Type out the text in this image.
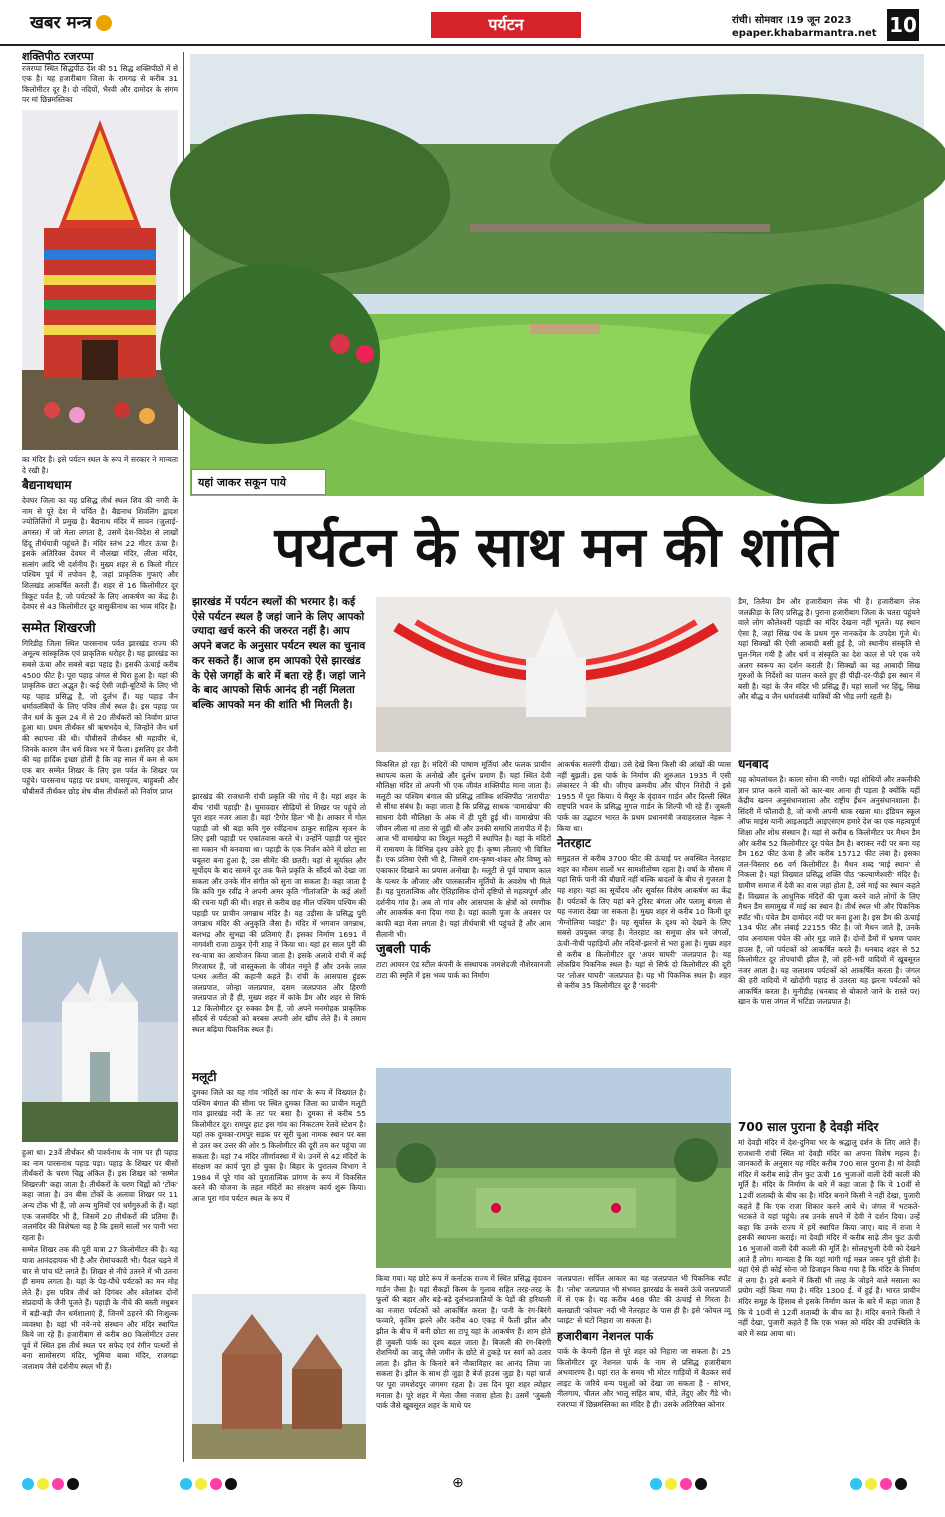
खबर मन्त्र	पर्यटन	रांची। सोमवार ।19 जून 2023
epaper.khabarmantra.net 10
शक्तिपीठ रजरप्पा

रजरप्पा स्थित सिद्धपीठ देश की 51 सिद्ध शक्तिपीठों में से एक है। यह हजारीबाग जिला के रामगढ़ से करीब 31 किलोमीटर दूर है। दो नदियों, भैरवी और दामोदर के संगम पर मां छिन्नमस्तिका

का मंदिर है। इसे पर्यटन स्थल के रूप में सरकार ने मान्यता दे रखी है।

बैद्यनाथधाम

देवघर जिला का यह प्रसिद्ध तीर्थ स्थल शिव की नगरी के नाम से पूरे देश में चर्चित है। बैद्यनाथ शिवलिंग द्वादश ज्योतिलिंगों में प्रमुख है। बैद्यनाथ मंदिर में सावन (जुलाई-अगस्त) में जो मेला लगता है, उसमें देश-विदेश से लाखों हिंदू तीर्थयात्री पहुंचते हैं। मंदिर स्तंभ 22 मीटर ऊंचा है। इसके अतिरिक्त देवघर में नौलखा मंदिर, लीला मंदिर, सत्संग आदि भी दर्शनीय हैं। मुख्य शहर से 6 किलो मीटर पश्चिम पूर्व में तपोवन है, जहां प्राकृतिक गुफाएं और शिलखंड आकर्षित करती हैं। शहर से 16 किलोमीटर दूर त्रिकूट पर्वत है, जो पर्यटकों के लिए आकर्षण का केंद्र है। देवघर से 43 किलोमीटर दूर बासुकीनाथ का भव्य मंदिर है।

सम्मेत शिखरजी

गिरिडीह जिला स्थित पारसनाथ पर्वत झारखंड राज्य की अमूल्य सांस्कृतिक एवं प्राकृतिक धरोहर है। यह झारखंड का सबसे ऊंचा और सबसे बड़ा पहाड़ है। इसकी ऊंचाई करीब 4500 फीट है। पूरा पहाड़ जंगल से घिरा हुआ है। यहां की प्राकृतिक छटा अद्भुत है। कई ऐसी जड़ी-बूटियों के लिए भी यह पहाड़ प्रसिद्ध है, जो दुर्लभ हैं। यह पहाड़ जैन धर्मावलंबियों के लिए पवित्र तीर्थ स्थल है। इस पहाड़ पर जैन धर्म के कुल 24 में से 20 तीर्थंकरों को निर्वाण प्राप्त हुआ था। प्रथम तीर्थंकर श्री ऋषभदेव थे, जिन्होंने जैन धर्म की स्थापना की थी। चौबीसवें तीर्थंकर श्री महावीर थे, जिनके कारण जैन धर्म विश्व भर में फैला। इसलिए हर जैनी की यह हार्दिक इच्छा होती है कि वह साल में कम से कम एक बार सम्मेत शिखर के लिए इस पर्वत के शिखर पर पहुंचे। पारसनाथ पहाड़ पर प्रथम, वासपूज्य, बाहुबली और चौबीसवें तीर्थंकर छोड़ शेष बीस तीर्थंकरों को निर्वाण प्राप्त

हुआ था। 23वें तीर्थंकर श्री पार्श्वनाथ के नाम पर ही पहाड़ का नाम पारसनाथ पहाड़ पड़ा। पहाड़ के शिखर पर बीसों तीर्थंकरों के चरण चिह्न अंकित हैं। इस शिखर को 'सम्मेत शिखरजी' कहा जाता है। तीर्थंकरों के चरण चिह्नों को 'टोंक' कहा जाता है। उन बीस टोंकों के अलावा शिखर पर 11 अन्य टोंक भी हैं, जो अन्य मुनियों एवं धर्मगुरुओं के हैं। यहां एक जलमंदिर भी है, जिसमें 20 तीर्थंकरों की प्रतिमा हैं। जलमंदिर की विशेषता यह है कि इसमें सालों भर पानी भरा रहता है।

सम्मेत शिखर तक की पूरी यात्रा 27 किलोमीटर की है। यह यात्रा आनंददायक भी है और रोमांचकारी भी। पैदल चढ़ने में चार से पांच घंटे लगते हैं। शिखर से नीचे उतरने में भी उतना ही समय लगता है। यहां के पेड़-पौधे पर्यटकों का मन मोह लेते हैं। इस पवित्र तीर्थ को दिगंबर और श्वेतांबर दोनों संप्रदायों के जैनी पूजते हैं। पहाड़ी के नीचे की बस्ती मधुबन में बड़ी-बड़ी जैन धर्मशालाएं हैं, जिनमें ठहरने की निःशुल्क व्यवस्था है। यहां भी नये-नये संस्थान और मंदिर स्थापित किये जा रहे हैं। हजारीबाग से करीब 80 किलोमीटर उत्तर पूर्व में स्थित इस तीर्थ स्थल पर सफेद एवं रंगीन पत्थरों से बना सामोसरण मंदिर, भूमिया बाबा मंदिर, राजगढ़ा जलाशय जैसे दर्शनीय स्थल भी हैं।

यहां जाकर सकून पाये
पर्यटन के साथ मन की शांति
झारखंड में पर्यटन स्थलों की भरमार है। कई ऐसे पर्यटन स्थल है जहां जाने के लिए आपको ज्यादा खर्च करने की जरुरत नहीं है। आप अपने बजट के अनुसार पर्यटन स्थल का चुनाव कर सकते हैं। आज हम आपको ऐसे झारखंड के ऐसे जगहों के बारे में बता रहे हैं। जहां जाने के बाद आपको सिर्फ आनंद ही नहीं मिलता बल्कि आपको मन की शांति भी मिलती है।

झारखंड की राजधानी रांची प्रकृति की गोद में है। यहां शहर के बीच 'रांची पहाड़ी' है। घुमावदार सीढ़ियों से शिखर पर पहुंचे तो पूरा शहर नजर आता है। यहां 'टैगोर हिल' भी है। आकार में गोल पहाड़ी जो श्री बड़ा कवि गुरु रवींद्रनाथ ठाकुर साहित्य सृजन के लिए इसी पहाड़ी पर एकांतवास करते थे। उन्होंने पहाड़ी पर सुंदर सा मकान भी बनवाया था। पहाड़ी के एक निर्जन कोने में छोटा सा चबूतरा बना हुआ है, उस सीमेंट की छतरी। यहां से सूर्यास्त और सूर्योदय के बाद सामने दूर तक फैले प्रकृति के सौंदर्य को देखा जा सकता और उनके मीन संगीत को सुना जा सकता है। कहा जाता है कि कवि गुरु रवींद्र ने अपनी अमर कृति 'गीतांजलि' के कई अंशों की रचना यहीं की थी। शहर से करीब छह मील पश्चिम पश्चिम की पहाड़ी पर प्राचीन जगन्नाथ मंदिर है। यह उड़ीसा के प्रसिद्ध पुरी जगन्नाथ मंदिर की अनुकृति जैसा है। मंदिर में भगवान जगन्नाथ, बलभद्र और सुभद्रा की प्रतिमाएं हैं। इसका निर्माण 1691 में नागवंशी राजा ठाकुर ऐनी शाह ने किया था। यहां हर साल पुरी की रथ-यात्रा का आयोजन किया जाता है। इसके अलावे रांची में कई गिरजाघर हैं, जो वास्तुकला के जीवंत नमूने हैं और उनके लाल पत्थर अतीत की कहानी कहते हैं। रांची के आसपास हुंडरू जलप्रपात, जोन्हा जलप्रपात, दसम जलप्रपात और हिरणी जलप्रपात तो हैं ही, मुख्य शहर में कांके डैम और शहर से सिर्फ 12 किलोमीटर दूर रुक्का डैम हैं, जो अपने मनमोहक प्राकृतिक सौंदर्य से पर्यटकों को बरबस अपनी ओर खींच लेते हैं। ये तमाम स्थल बढ़िया पिकनिक स्थल हैं।

मलूटी

दुमका जिले का यह गांव 'मंदिरों का गांव' के रूप में विख्यात है। पश्चिम बंगाल की सीमा पर स्थित दुमका जिला का प्राचीन मलूटी गांव झारखंड नदी के तट पर बसा है। दुमका से करीब 55 किलोमीटर दूर। रामपुर हाट इस गांव का निकटतम रेलवे स्टेशन है। यहां तक दुमका-रामपुर सड़क पर सूरी चुआ नामक स्थान पर बस से उतर कर उत्तर की ओर 5 किलोमीटर की दूरी तय कर पहुंचा जा सकता है। यहां 74 मंदिर जीर्णावस्था में थे। उनमें से 42 मंदिरों के संरक्षण का कार्य पूरा हो चुका है। बिहार के पुरातत्व विभाग ने 1984 में पूरे गांव को पुरातात्विक प्रांगण के रूप में विकसित करने की योजना के तहत मंदिरों का संरक्षण कार्य शुरू किया। आज पूरा गांव पर्यटन स्थल के रूप में

विकसित हो रहा है। मंदिरों की पाषाण मूर्तियां और फलक प्राचीन स्थापत्य कला के अनोखे और दुर्लभ प्रमाण हैं। यहां स्थित देवी मौलिक्षा मंदिर तो अपनी भी एक जीवंत शक्तिपीठ माना जाता है। मलूटी का पश्चिम बंगाल की प्रसिद्ध तांत्रिक शक्तिपीठ 'तारापीठ' से सीधा संबंध है। कहा जाता है कि प्रसिद्ध साधक 'वामाखेपा' की साधना देवी मौलिक्षा के अंक में ही पूरी हुई थी। वामाखेपा की जीवन लीला मां तारा से जुड़ी थी और उनकी समाधि तारापीठ में है। आज भी वामाखेपा का त्रिशूल मलूटी में स्थापित है। यहां के मंदिरों में रामायण के विभिन्न दृश्य उकेरे हुए हैं। कृष्ण लीलाएं भी चित्रित हैं। एक प्रतिमा ऐसी भी है, जिसमें राम-कृष्ण-शंकर और विष्णु को एकाकार दिखाने का प्रयास अनोखा है। मलूटी से पूर्व पाषाण काल के पत्थर के औजार और पालकालीन मूर्तियों के अवशेष भी मिले हैं। यह पुरातात्विक और ऐतिहासिक दोनों दृष्टियों से महत्वपूर्ण और दर्शनीय गांव है। अब तो गांव और आसपास के क्षेत्रों को रमणीक और आकर्षक बना दिया गया है। यहां काली पूजा के अवसर पर काफी बड़ा मेला लगता है। यहां तीर्थयात्री भी पहुंचते हैं और आम सैलानी भी।

जुबली पार्क

टाटा आयरन एंड स्टील कंपनी के संस्थापक जमशेदजी नौशेरवानजी टाटा की स्मृति में इस भव्य पार्क का निर्माण

आकर्षक सतरंगी दीखा। उसे देखे बिना किसी की आंखों की प्यास नहीं बुझती। इस पार्क के निर्माण की शुरुआत 1935 में एसी लंकास्टर ने की थी। जीएच क्रमवीय और चीएन निरोदी ने इसे 1955 में पूरा किया। ये मैसूर के वृंदावन गार्डन और दिल्ली स्थित राष्ट्रपति भवन के प्रसिद्ध मुगल गार्डन के शिल्पी भी रहे हैं। जुबली पार्क का उद्घाटन भारत के प्रथम प्रधानमंत्री जवाहरलाल नेहरू ने किया था।

नेतरहाट

समुद्रतल से करीब 3700 फीट की ऊंचाई पर अवस्थित नेतरहाट शहर का मौसम सालों भर सामशीतोष्ण रहता है। वर्षा के मौसम में यहां सिर्फ पानी की बौछारें नहीं बल्कि बादलों के बीच से गुजरता है यह शहर। यहां का सूर्योदय और सूर्यास्त विशेष आकर्षण का केंद्र है। पर्यटकों के लिए यहां बने टूरिस्ट बंगला और पलामू बंगला से यह नजारा देखा जा सकता है। मुख्य शहर से करीब 10 किमी दूर 'मैग्नोलिया प्वाइंट' है। यह सूर्यास्त के दृश्य को देखने के लिए सबसे उपयुक्त जगह है। नेतरहाट का समूचा क्षेत्र घने जंगलों, ऊंची-नीची पहाड़ियों और नदियों-झरनों से भरा हुआ है। मुख्य शहर से करीब 8 किलोमीटर दूर 'अपर घाघरी' जलप्रपात है। यह लोकप्रिय पिकनिक स्थल है। यहां से सिर्फ दो किलोमीटर की दूरी पर 'लोअर घाघरी' जलप्रपात है। यह भी पिकनिक स्थल है। शहर से करीब 35 किलोमीटर दूर है 'सदनी'

किया गया। यह छोटे रूप में कर्नाटक राज्य में स्थित प्रसिद्ध वृंदावन गार्डन जैसा है। यहां सैकड़ों किस्म के गुलाब सहित तरह-तरह के फूलों की बहार और बड़े-बड़े दुर्लभप्रजातियों के पेड़ों की हरियाली का नजारा पर्यटकों को आकर्षित करता है। पानी के रंग-बिरंगे फव्वारे, कृत्रिम झरने और करीब 40 एकड़ में फैली झील और झील के बीच में बनी छोटा सा टापू यहां के आकर्षण हैं। शाम होते ही जुबली पार्क का दृश्य बदल जाता है। बिजली की रंग-बिरंगी रोशनियों का जादू जैसे जमीन के छोटे से टुकड़े पर स्वर्ग को उतार लाता है। झील के किनारे बने नौकाविहार का आनंद लिया जा सकता है। झील के साथ ही जुड़ा है बेर्ज हाउस जुड़ा है। यहां चार्ज पर पूरा जमशेदपुर जगमग रहता है। उस दिन पूरा शहर त्योहार मनाता है। पूरे शहर में मेला जैसा नजारा होता है। उसमें 'जुबली पार्क जैसे खूबसूरत शहर के माथे पर

जलप्रपात। सर्पिल आकार का यह जलप्रपात भी पिकनिक स्पॉट है। 'लोध' जलप्रपात भी संभवत झारखंड के सबसे ऊंचे जलप्रपातों में से एक है। यह करीब 468 फीट की ऊंचाई से गिरता है। बलखाती 'कोयल' नदी भी नेतरहाट के पास ही है। इसे 'कोयल व्यू प्वाइंट' से घंटों निहारा जा सकता है।

हजारीबाग नेशनल पार्क

पार्क के केंपनी हिल से पूरे शहर को निहारा जा सकता है। 25 किलोमीटर दूर नेशनल पार्क के नाम से प्रसिद्ध हजारीबाग अभयारण्य है। यहां रात के समय भी मोटर गाड़ियों में बैठकर सर्च लाइट के जरिये वन्य पशुओं को देखा जा सकता है - सांभर, नीलगाय, चीतल और भालू सहित बाघ, चीते, तेंदुए और गैंडे भी। रजरप्पा में छिन्नमस्तिका का मंदिर है ही। उसके अतिरिक्त कोनार

डैम, तिलैया डैम और हजारीबाग लेक भी है। हजारीबाग लेक जलक्रीड़ा के लिए प्रसिद्ध है। पुराना हजारीबाग जिला के चतरा पहुंचने वाले लोग कौलेश्वरी पहाड़ी का मंदिर देखना नहीं भूलते। यह स्थान ऐसा है, जहां सिख पंथ के प्रथम गुरु नानकदेव के उपदेश गूंजे थे। यहां सिक्खों की ऐसी आबादी बसी हुई है, जो स्थानीय संस्कृति से घुल-मिल गयी है और धर्म व संस्कृति का देश काल से परे एक नये अलग स्वरूप का दर्शन कराती है। सिक्खों का यह आबादी सिख गुरुओं के निर्देशों का पालन करते हुए ही पीढ़ी-दर-पीढ़ी इस स्थान में बसी है। यहां के जैन मंदिर भी प्रसिद्ध हैं। यहां सालों भर हिंदू, सिख और बौद्ध व जैन धर्मावलंबी यात्रियों की भीड़ लगी रहती है।

धनबाद

यह कोयलांचल है। काला सोना की नगरी। यहां शोधियों और तकनीकी ज्ञान प्राप्त करने वालों को कार-बार आना ही पड़ता है क्योंकि यहीं केंद्रीय खनन अनुसंधानशाला और राष्ट्रीय ईंधन अनुसंधानशाला हैं। सिंदरी में फौलादी है, जो कभी अपनी धाक रखता था। इंडियन स्कूल ऑफ माइंस यानी आइआइटी आइएसएम हमारे देश का एक महत्वपूर्ण शिक्षा और शोध संस्थान है। यहां से करीब 6 किलोमीटर पर मैथन डैम और करीब 52 किलोमीटर दूर पंचेत डैम है। बराकर नदी पर बना यह डैम 162 फीट ऊंचा है और करीब 15712 फीट लंबा है। इसका जल-विस्तार 66 वर्ग किलोमीटर है। मैथन शब्द 'माई स्थान' से निकला है। यहां विख्यात प्रसिद्ध शक्ति पीठ 'कल्याणेश्वरी' मंदिर है। ग्रामीण समाज में देवी का वास जहां होता है, उसे माई का स्थान कहते हैं। विख्यात के आधुनिक मंदिरों की पूजा करने वाले लोगों के लिए मैथन डैम समामुख में माई का स्थान है। तीर्थ स्थल भी और पिकनिक स्पॉट भी। पंचेत डैम दामोदर नदी पर बना हुआ है। इस डैम की ऊंचाई 134 फीट और लंबाई 22155 फीट है। जो मैथन जाते हैं, उनके पांव अनायास पंचेत की ओर मुड़ जाते हैं। दोनों डैमों में भ्रमण पावर हाउस हैं, जो पर्यटकों को आकर्षित करते हैं। धनबाद शहर से 52 किलोमीटर दूर तोपचांची झील है, जो हरी-भरी वादियों में खूबसूरत नजर आता है। यह जलाशय पर्यटकों को आकर्षित करता है। जंगल की हरी वादियों में खोदोंगी पहाड़ से उतरता यह झरना पर्यटकों को आकर्षित करता है। मुनीडीह (धनबाद से बोकारो जाने के रास्ते पर) खान के पास जंगल में भटिंडा जलप्रपात है।

700 साल पुराना है देवड़ी मंदिर

मां देवड़ी मंदिर में देश-दुनिया भर के श्रद्धालु दर्शन के लिए आते हैं। राजधानी रांची स्थित मां देवड़ी मंदिर का अपना विशेष महत्व है। जानकारों के अनुसार यह मंदिर करीब 700 साल पुराना है। मां देवड़ी मंदिर में करीब साढ़े तीन फुट ऊंची 16 भुजाओं वाली देवी काली की मूर्ति है। मंदिर के निर्माण के बारे में कहा जाता है कि ये 10वीं से 12वीं शताब्दी के बीच का है। मंदिर बनाने किसी ने नहीं देखा, पुजारी कहते हैं कि एक राजा शिकार करने आये थे। जंगल में भटकते-भटकते वे यहां पहुंचे। तब उनके सपने में देवी ने दर्शन दिया। उन्हें कहा कि उनके राज्य में हमें स्थापित किया जाए। बाद में राजा ने इसकी स्थापना कराई। मां देवड़ी मंदिर में करीब साढ़े तीन फुट ऊंची 16 भुजाओं वाली देवी काली की मूर्ति है। सोलहभुजी देवी को देखने आते हैं लोग। मान्यता है कि यहां मांगी गई मन्नत जरूर पूरी होती है। यहां ऐसे ही कोई सोना जो डिजाइन किया गया है कि मंदिर के निर्माण में लगा है। इसे बनाने में किसी भी तरह के जोड़ने वाले मसाला का प्रयोग नहीं किया गया है। मंदिर 1300 ई. में हुई है। भारत प्राचीन मंदिर समूह के हिसाब से इसके निर्माण काल के बारे में कहा जाता है कि ये 10वीं से 12वीं शताब्दी के बीच का है। मंदिर बनाने किसी ने नहीं देखा, पुजारी कहते हैं कि एक भक्त को मंदिर की उपस्थिति के बारे में स्वप्न आया था।

⊕
